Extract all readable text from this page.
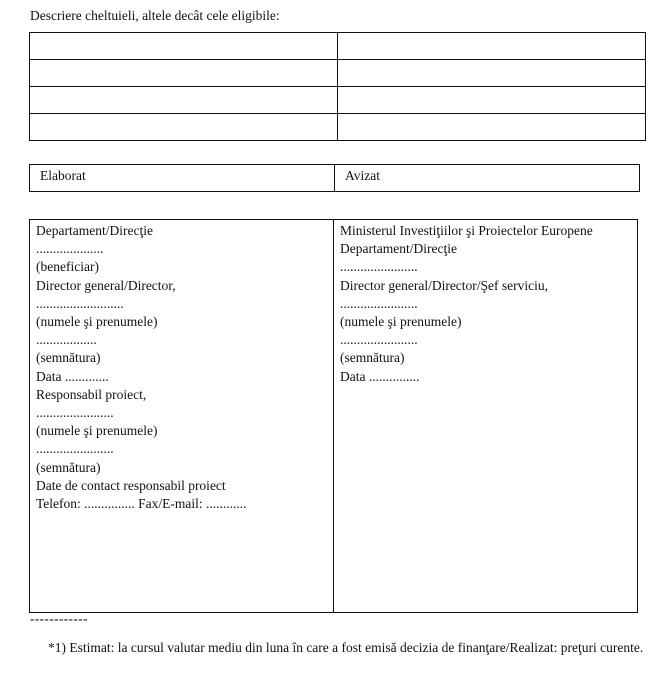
Descriere cheltuieli, altele decât cele eligibile:

Elaborat	Avizat
Departament/Direcţie
....................
(beneficiar)
Director general/Director,
..........................
(numele şi prenumele)
..................
(semnătura)
Data .............
Responsabil proiect,
.......................
(numele şi prenumele)
.......................
(semnătura)
Date de contact responsabil proiect
Telefon: ............... Fax/E-mail: ............

Ministerul Investiţiilor şi Proiectelor Europene
Departament/Direcţie
.......................
Director general/Director/Şef serviciu,
.......................
(numele şi prenumele)
.......................
(semnătura)
Data ...............
------------
*1) Estimat: la cursul valutar mediu din luna în care a fost emisă decizia de finanţare/Realizat: preţuri curente.
